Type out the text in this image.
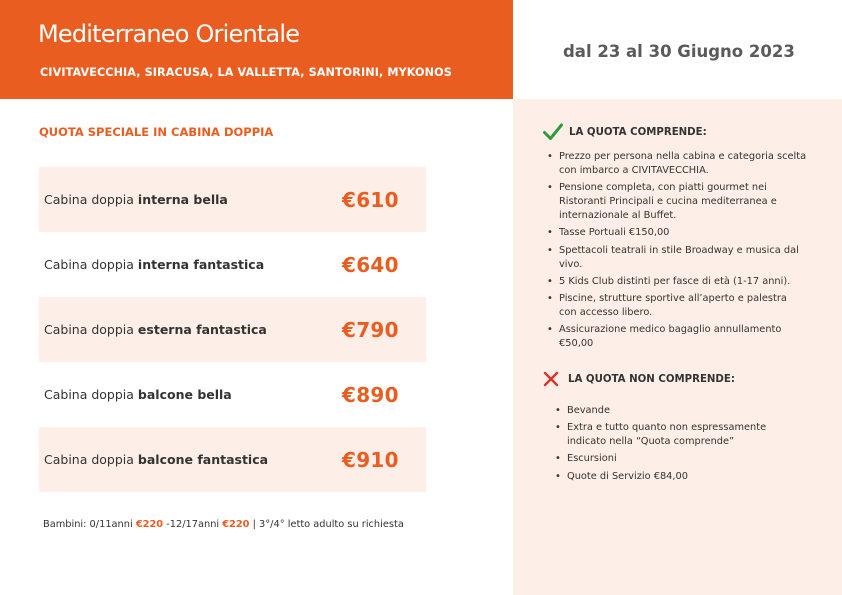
Mediterraneo Orientale
CIVITAVECCHIA, SIRACUSA, LA VALLETTA, SANTORINI, MYKONOS
dal 23 al 30 Giugno 2023
QUOTA SPECIALE IN CABINA DOPPIA
Cabina doppia interna bella	€610
Cabina doppia interna fantastica	€640
Cabina doppia esterna fantastica	€790
Cabina doppia balcone bella	€890
Cabina doppia balcone fantastica	€910
Bambini: 0/11anni €220 -12/17anni €220 | 3°/4° letto adulto su richiesta
LA QUOTA COMPRENDE:
• Prezzo per persona nella cabina e categoria scelta con imbarco a CIVITAVECCHIA.
• Pensione completa, con piatti gourmet nei Ristoranti Principali e cucina mediterranea e internazionale al Buffet.
• Tasse Portuali €150,00
• Spettacoli teatrali in stile Broadway e musica dal vivo.
• 5 Kids Club distinti per fasce di età (1-17 anni).
• Piscine, strutture sportive all’aperto e palestra con accesso libero.
• Assicurazione medico bagaglio annullamento €50,00
LA QUOTA NON COMPRENDE:
• Bevande
• Extra e tutto quanto non espressamente indicato nella “Quota comprende”
• Escursioni
• Quote di Servizio €84,00
